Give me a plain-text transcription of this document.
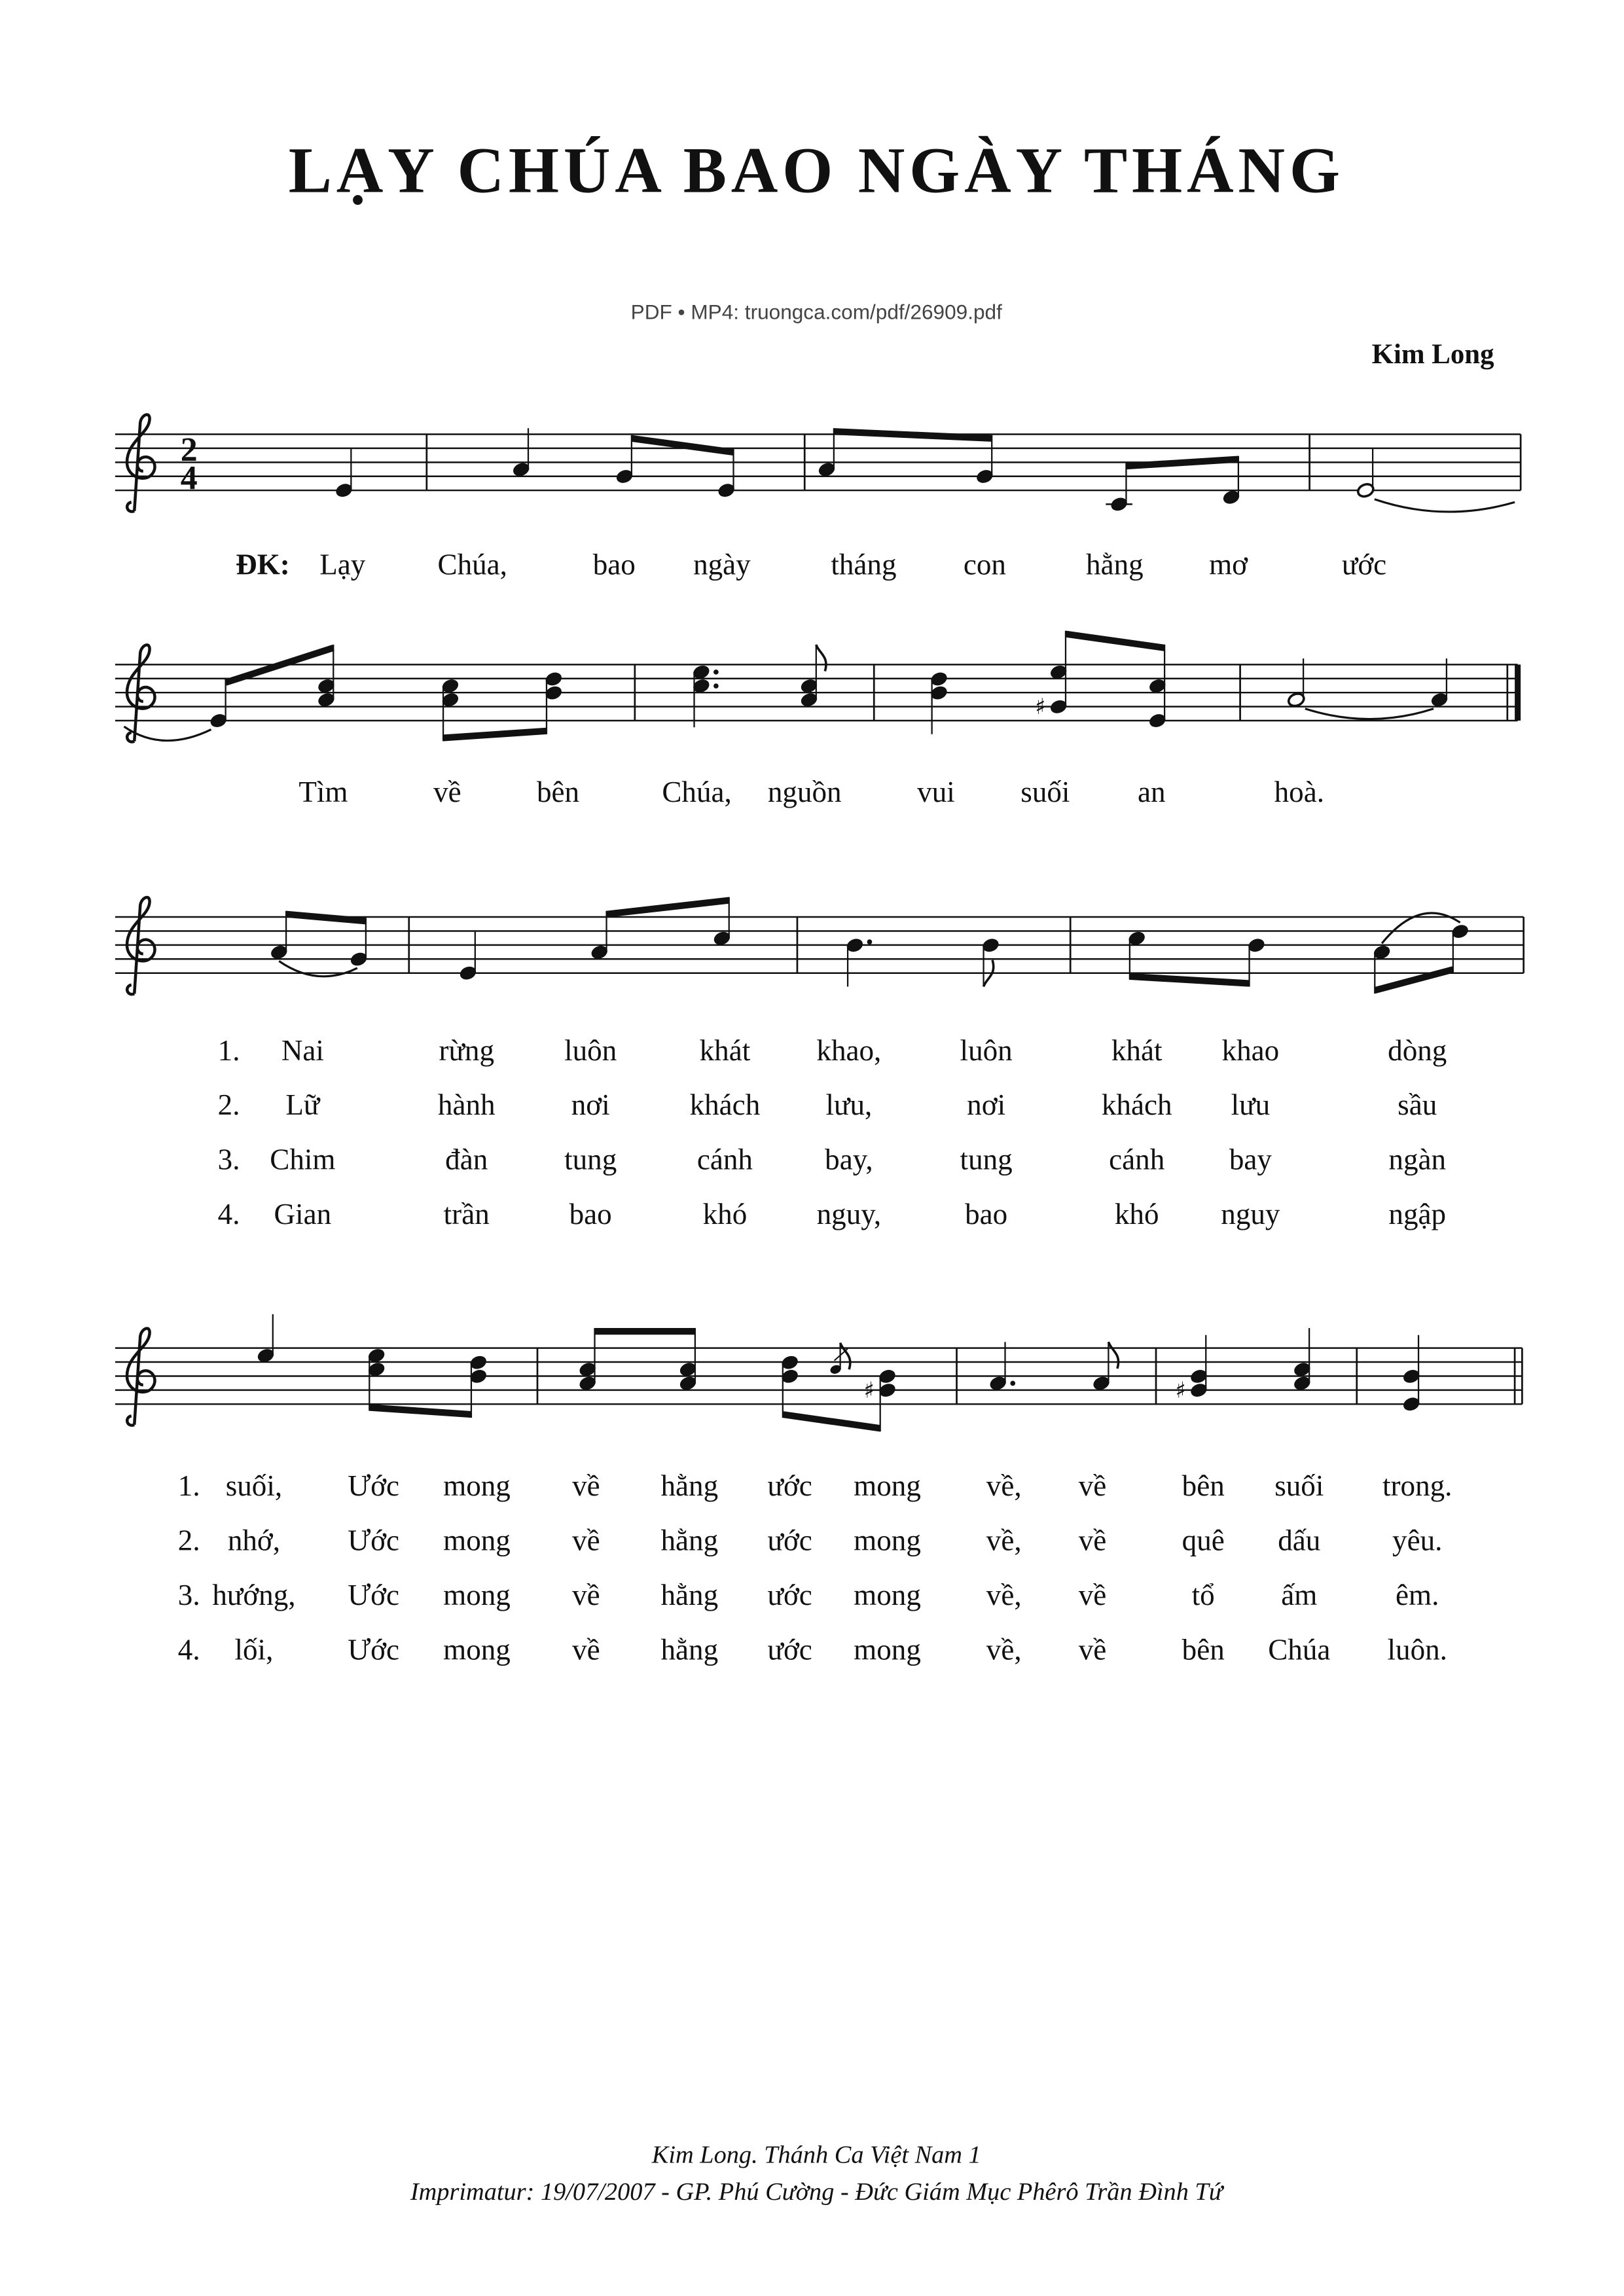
LẠY CHÚA BAO NGÀY THÁNG
PDF • MP4: truongca.com/pdf/26909.pdf
Kim Long
2
4
♯
♯	♯
ĐK: Lạy	Chúa,	bao	ngày	tháng	con	hằng	mơ	ước
Tìm	về	bên	Chúa,	nguồn	vui	suối	an	hoà.
1.	Nai	rừng	luôn	khát	khao,	luôn	khát	khao	dòng
2.	Lữ	hành	nơi	khách	lưu,	nơi	khách	lưu	sầu
3. Chim	đàn	tung	cánh	bay,	tung	cánh	bay	ngàn
4.	Gian	trần	bao	khó	nguy,	bao	khó	nguy	ngập
1. suối,	Ước	mong	về	hằng	ước	mong	về,	về	bên	suối	trong.
2. nhớ,	Ước	mong	về	hằng	ước	mong	về,	về	quê	dấu	yêu.
3. hướng,	Ước	mong	về	hằng	ước	mong	về,	về	tổ	ấm	êm.
4.	lối,	Ước	mong	về	hằng	ước	mong	về,	về	bên	Chúa	luôn.
Kim Long. Thánh Ca Việt Nam 1
Imprimatur: 19/07/2007 - GP. Phú Cường - Đức Giám Mục Phêrô Trần Đình Tứ
